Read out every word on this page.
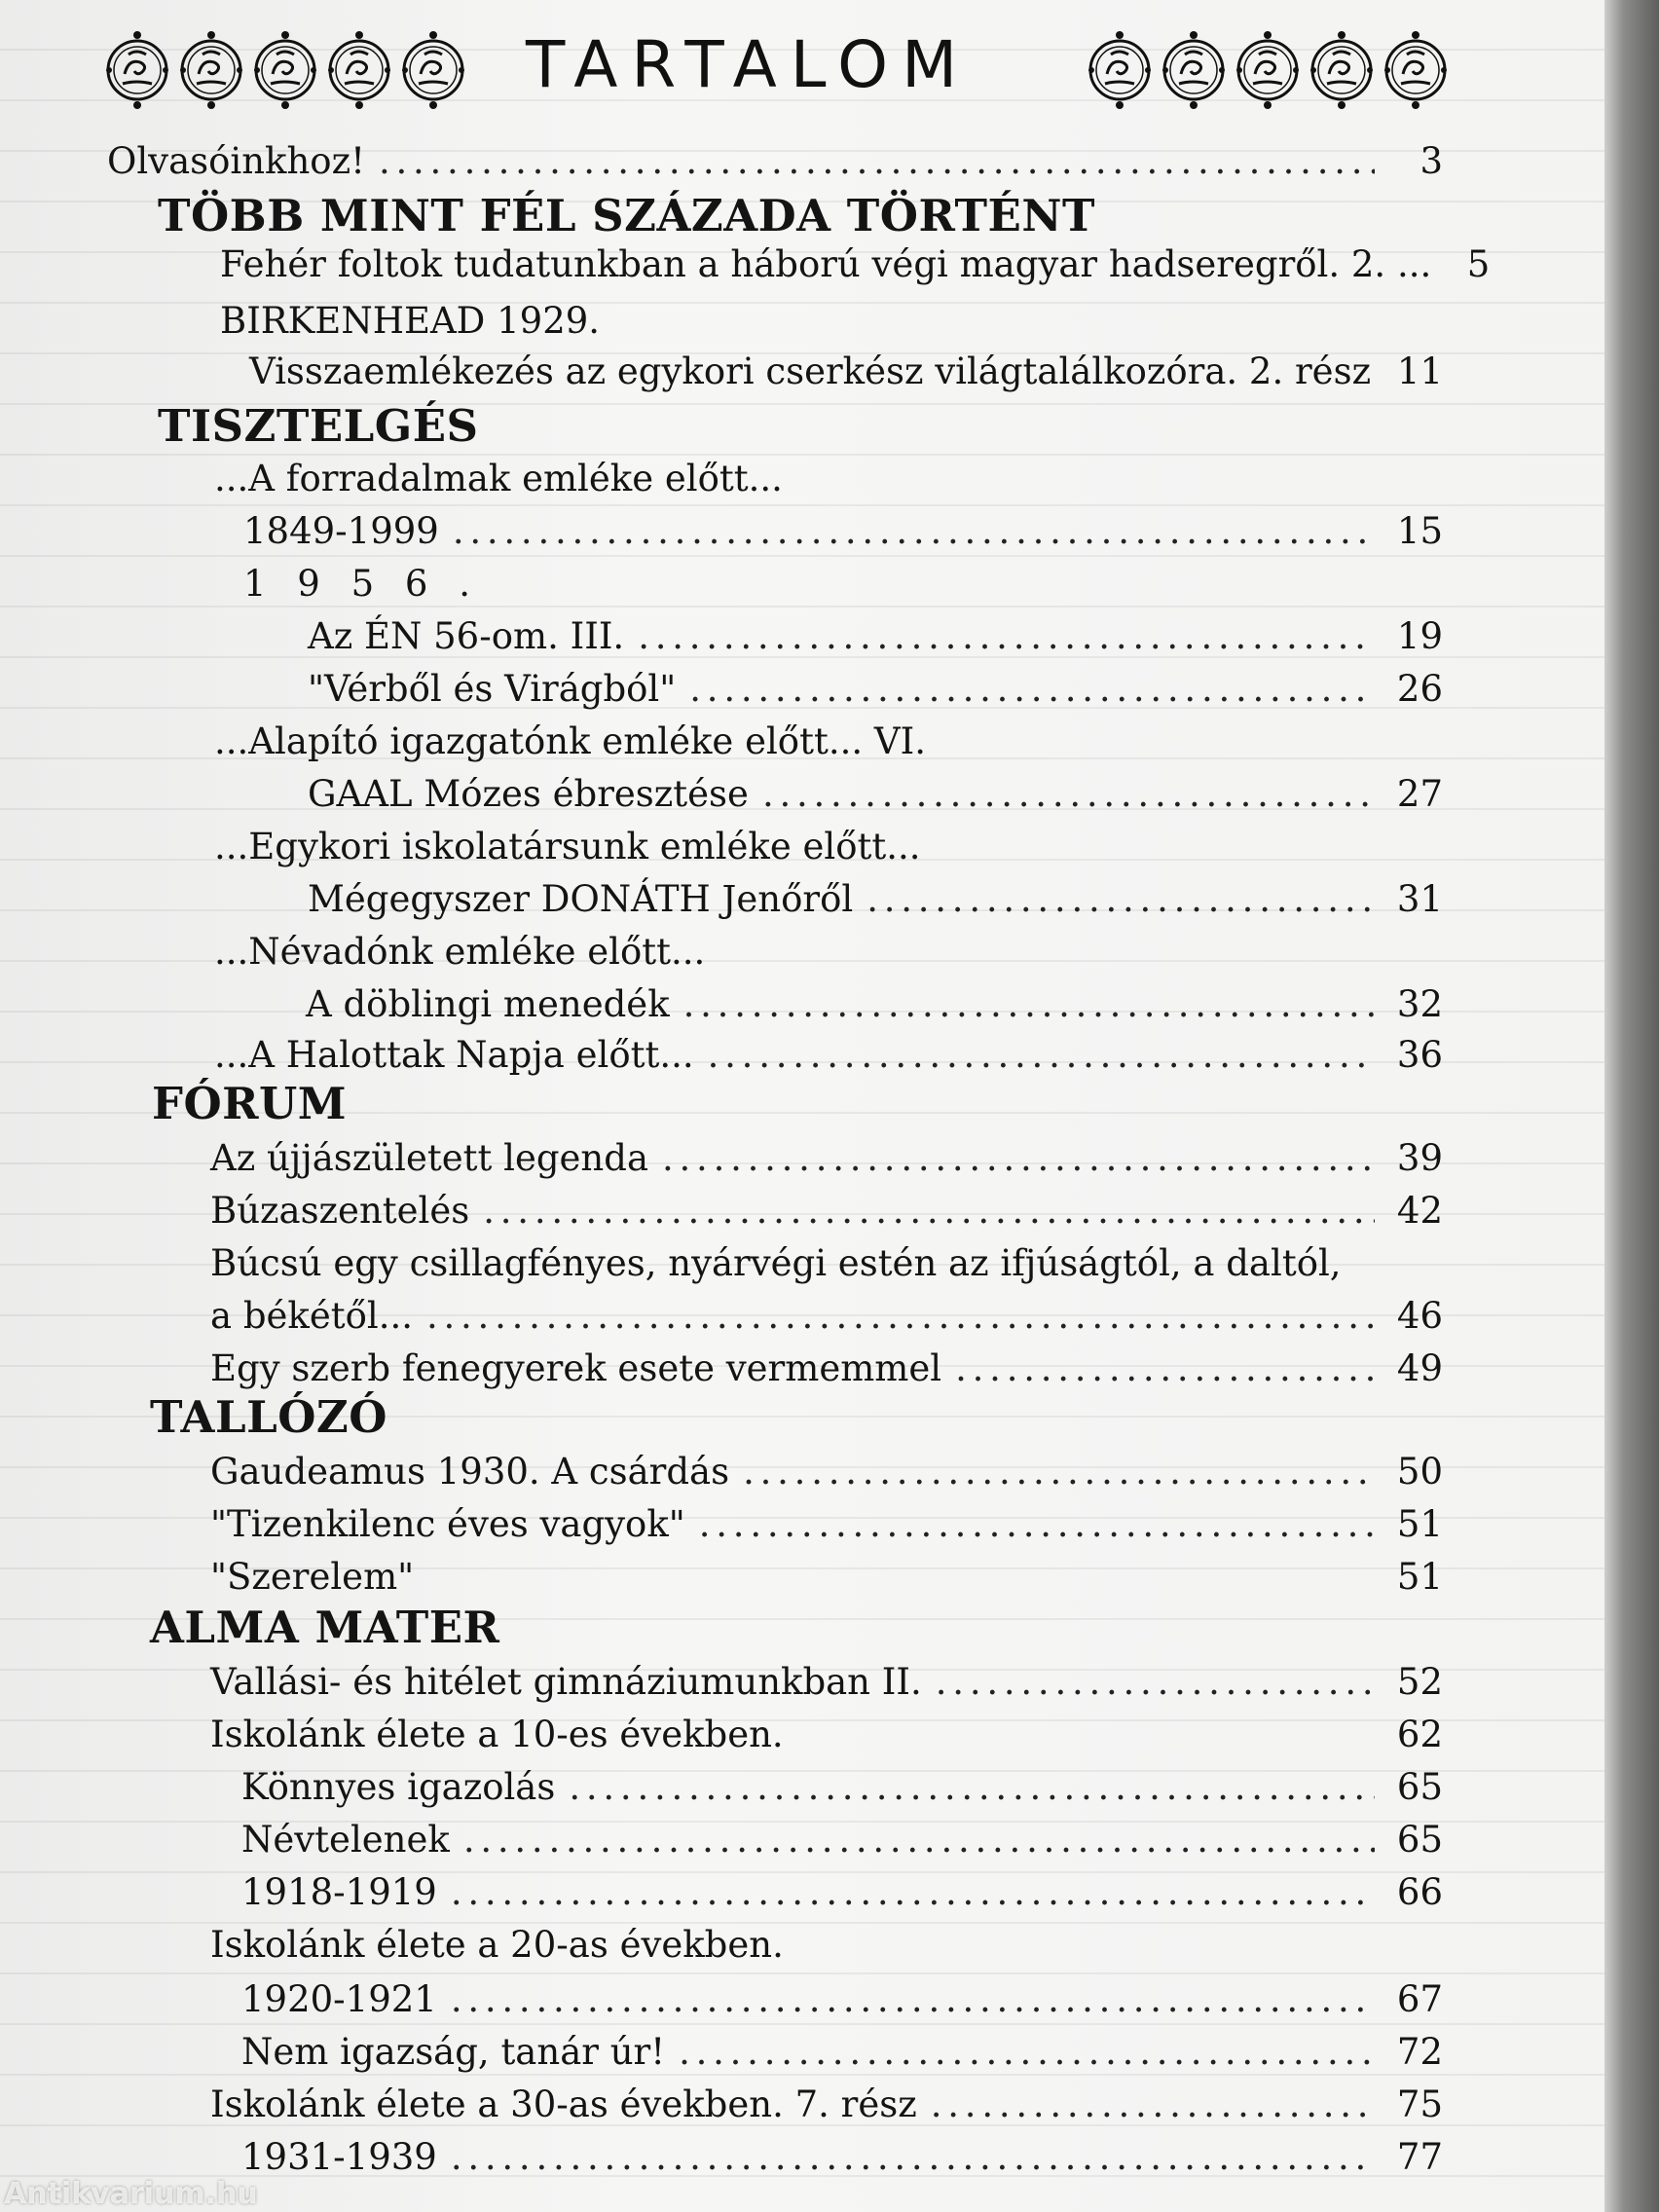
TARTALOM
Olvasóinkhoz! . . .	3
TÖBB MINT FÉL SZÁZADA TÖRTÉNT
Fehér foltok tudatunkban a háború végi magyar hadseregről. 2. ... 5
BIRKENHEAD 1929.
Visszaemlékezés az egykori cserkész világtalálkozóra. 2. rész 11
TISZTELGÉS
...A forradalmak emléke előtt...
1849-1999 . . .	15
1 9 5 6 .
Az ÉN 56-om. III. . . .	19
"Vérből és Virágból" . . .	26
...Alapító igazgatónk emléke előtt... VI.
GAAL Mózes ébresztése . . .	27
...Egykori iskolatársunk emléke előtt...
Mégegyszer DONÁTH Jenőről . . .	31
...Névadónk emléke előtt...
A döblingi menedék . . .	32
...A Halottak Napja előtt... . . .	36
FÓRUM
Az újjászületett legenda . . .	39
Búzaszentelés . . .	42
Búcsú egy csillagfényes, nyárvégi estén az ifjúságtól, a daltól,
a békétől... . . .	46
Egy szerb fenegyerek esete vermemmel . . .	49
TALLÓZÓ
Gaudeamus 1930. A csárdás . . .	50
"Tizenkilenc éves vagyok" . . .	51
"Szerelem"	51
ALMA MATER
Vallási- és hitélet gimnáziumunkban II. . . .	52
Iskolánk élete a 10-es években.	62
Könnyes igazolás . . .	65
Névtelenek . . .	65
1918-1919 . . .	66
Iskolánk élete a 20-as években.
1920-1921 . . .	67
Nem igazság, tanár úr! . . .	72
Iskolánk élete a 30-as években. 7. rész . . .	75
1931-1939 . . .	77
Antikvarium.hu
